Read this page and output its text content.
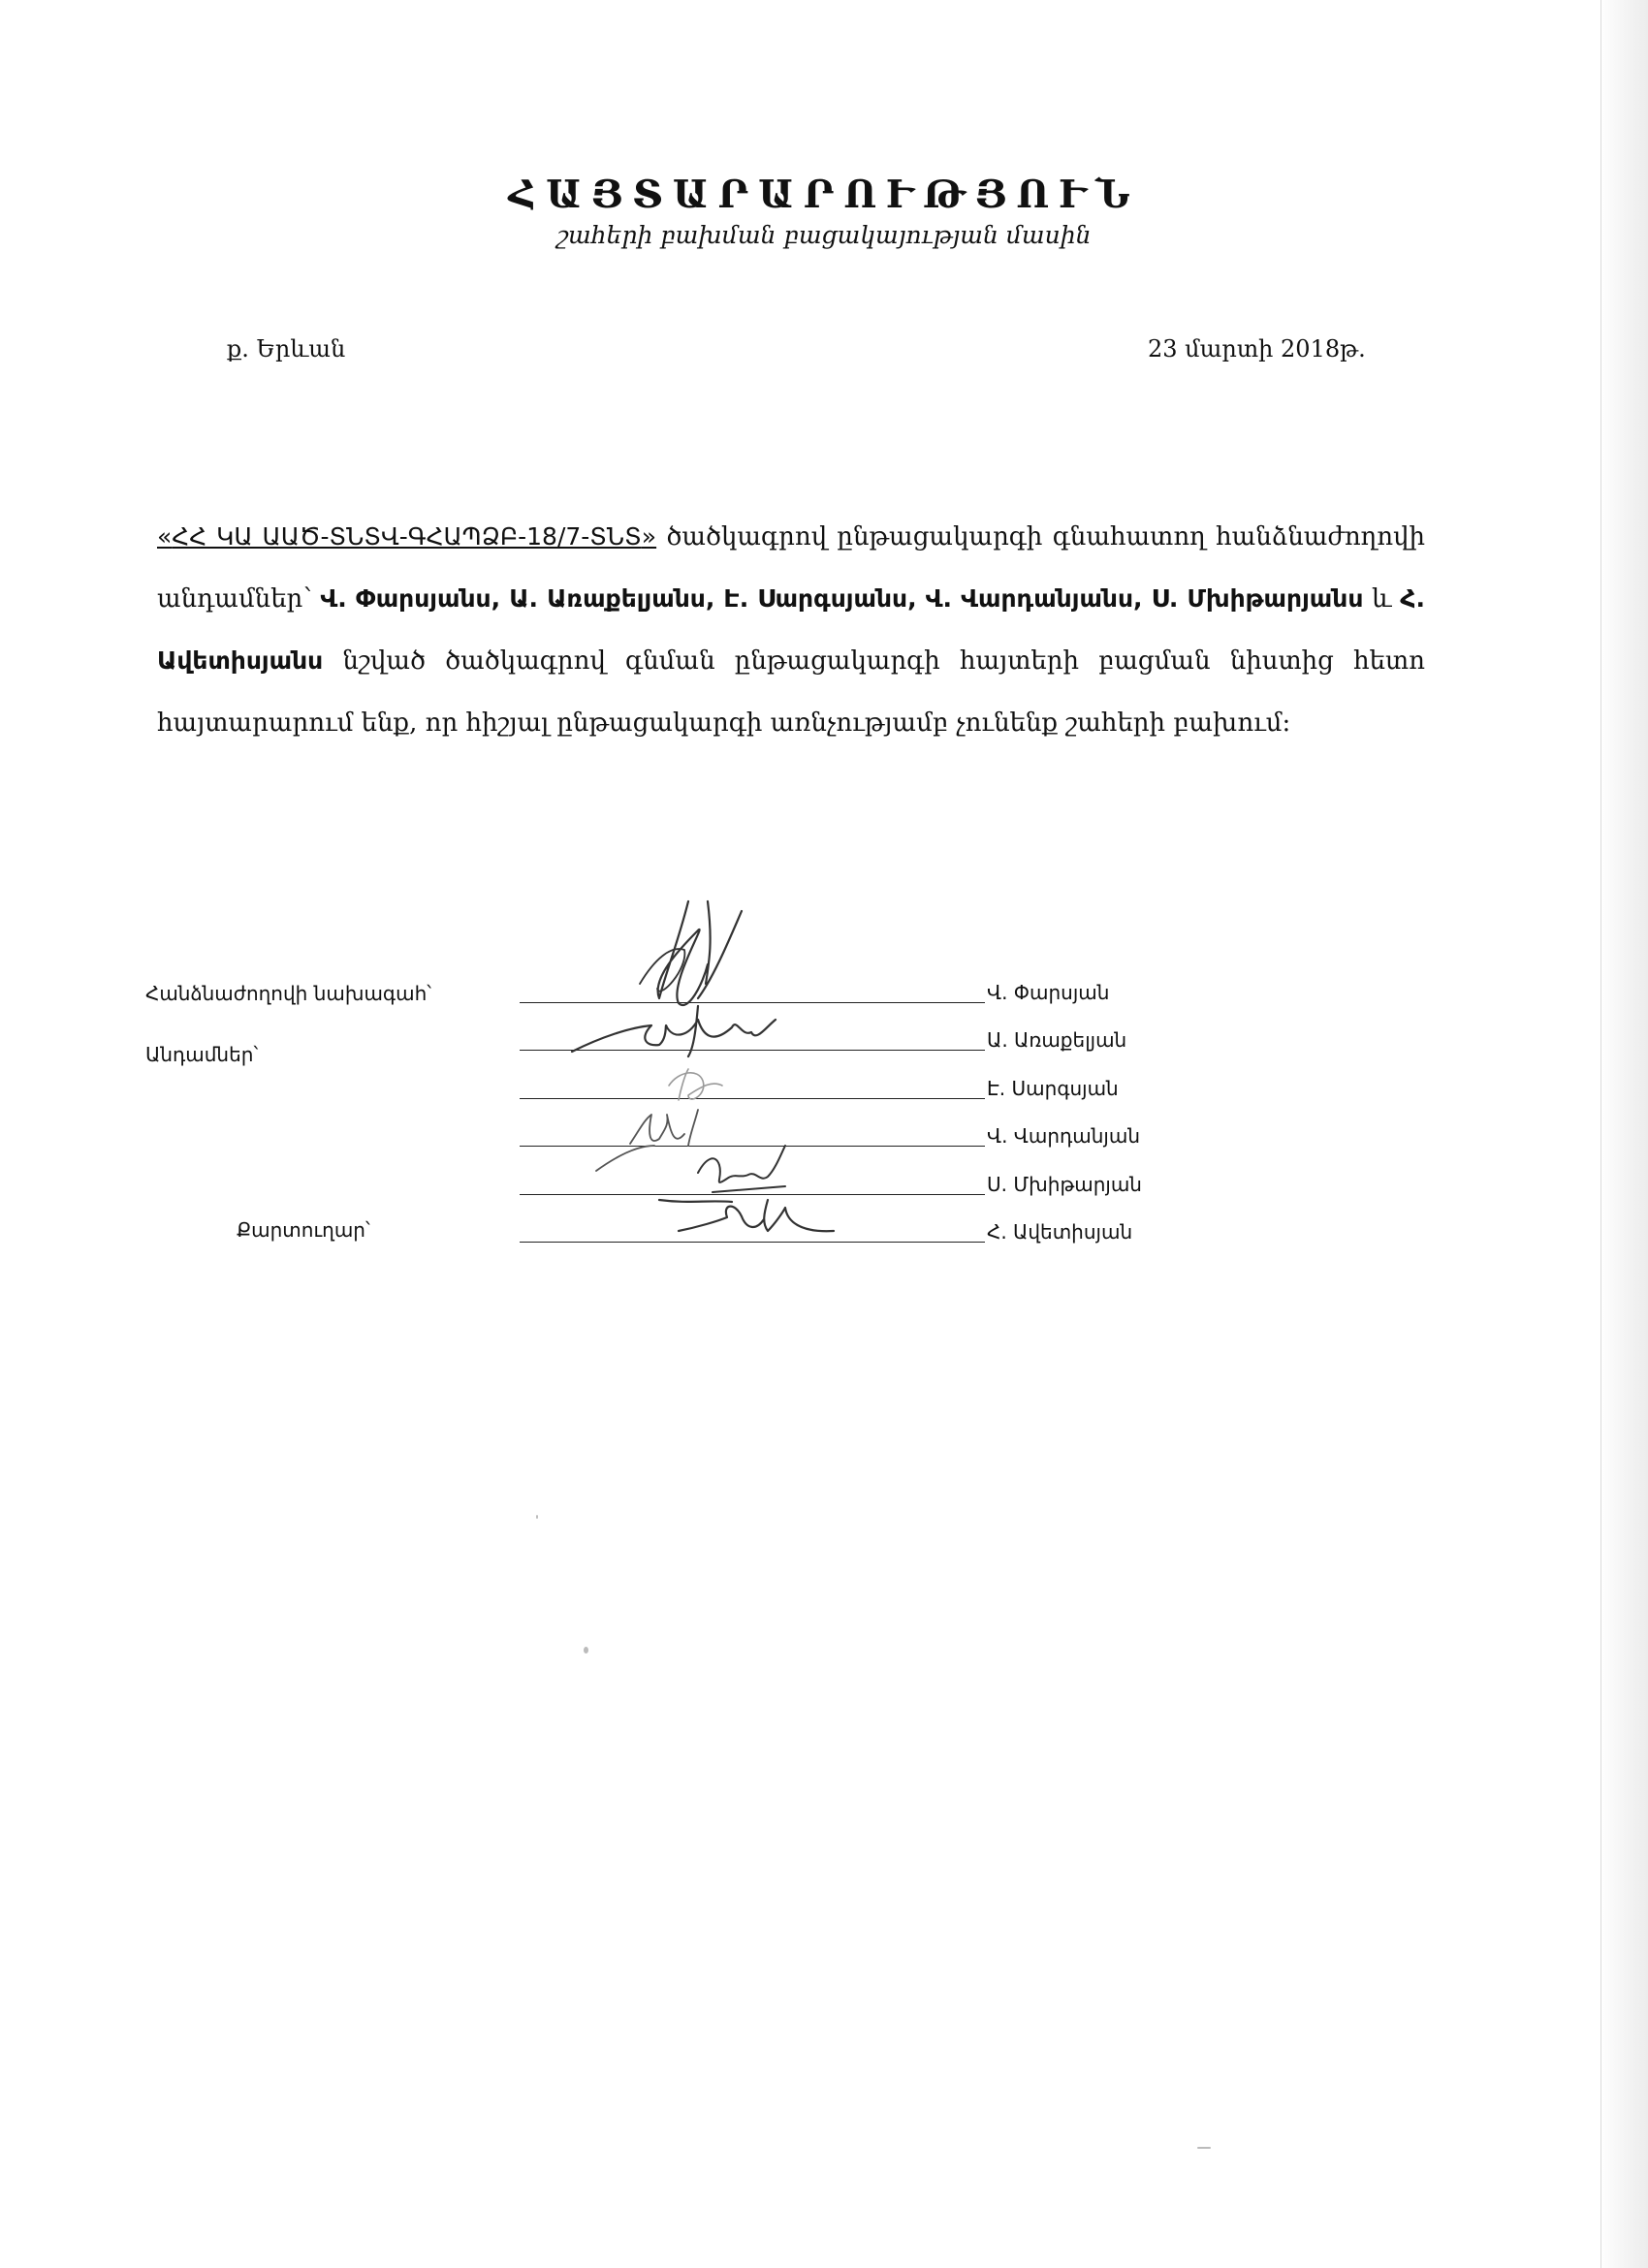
ՀԱՅՏԱՐԱՐՈՒԹՅՈՒՆ
շահերի բախման բացակայության մասին
ք. Երևան	23 մարտի 2018թ.
«ՀՀ ԿԱ ԱԱԾ-ՏՆՏՎ-ԳՀԱՊՁԲ-18/7-ՏՆՏ» ծածկագրով ընթացակարգի գնահատող հանձնաժողովի անդամներ՝ Վ. Փարսյանս, Ա. Առաքելյանս, Է. Սարգսյանս, Վ. Վարդանյանս, Ս. Մխիթարյանս և Հ. Ավետիսյանս նշված ծածկագրով գնման ընթացակարգի հայտերի բացման նիստից հետո հայտարարում ենք, որ հիշյալ ընթացակարգի առնչությամբ չունենք շահերի բախում:
Հանձնաժողովի նախագահ՝
Անդամներ՝
Քարտուղար՝
Վ. Փարսյան
Ա. Առաքելյան
Է. Սարգսյան
Վ. Վարդանյան
Ս. Մխիթարյան
Հ. Ավետիսյան
